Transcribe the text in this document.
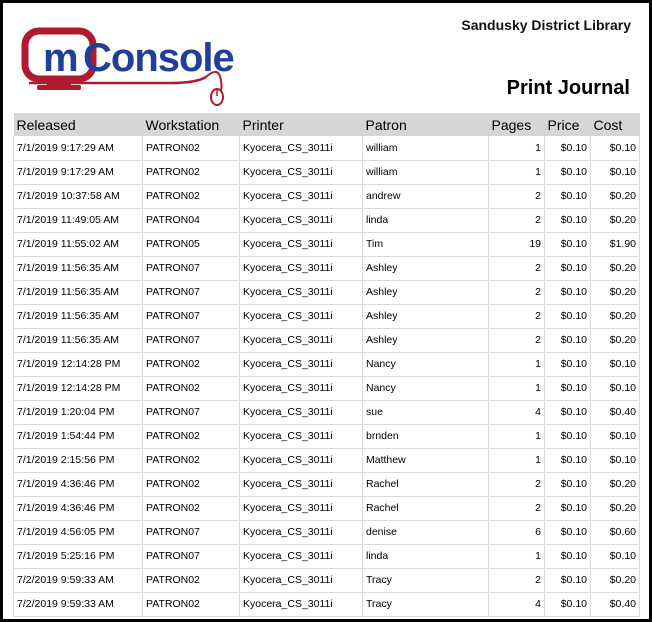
m Console
Sandusky District Library
Print Journal
Released	Workstation	Printer	Patron	Pages	Price	Cost
7/1/2019 9:17:29 AM	PATRON02	Kyocera_CS_3011i	william	1	$0.10	$0.10
7/1/2019 9:17:29 AM	PATRON02	Kyocera_CS_3011i	william	1	$0.10	$0.10
7/1/2019 10:37:58 AM	PATRON02	Kyocera_CS_3011i	andrew	2	$0.10	$0.20
7/1/2019 11:49:05 AM	PATRON04	Kyocera_CS_3011i	linda	2	$0.10	$0.20
7/1/2019 11:55:02 AM	PATRON05	Kyocera_CS_3011i	Tim	19	$0.10	$1.90
7/1/2019 11:56:35 AM	PATRON07	Kyocera_CS_3011i	Ashley	2	$0.10	$0.20
7/1/2019 11:56:35 AM	PATRON07	Kyocera_CS_3011i	Ashley	2	$0.10	$0.20
7/1/2019 11:56:35 AM	PATRON07	Kyocera_CS_3011i	Ashley	2	$0.10	$0.20
7/1/2019 11:56:35 AM	PATRON07	Kyocera_CS_3011i	Ashley	2	$0.10	$0.20
7/1/2019 12:14:28 PM	PATRON02	Kyocera_CS_3011i	Nancy	1	$0.10	$0.10
7/1/2019 12:14:28 PM	PATRON02	Kyocera_CS_3011i	Nancy	1	$0.10	$0.10
7/1/2019 1:20:04 PM	PATRON07	Kyocera_CS_3011i	sue	4	$0.10	$0.40
7/1/2019 1:54:44 PM	PATRON02	Kyocera_CS_3011i	brnden	1	$0.10	$0.10
7/1/2019 2:15:56 PM	PATRON02	Kyocera_CS_3011i	Matthew	1	$0.10	$0.10
7/1/2019 4:36:46 PM	PATRON02	Kyocera_CS_3011i	Rachel	2	$0.10	$0.20
7/1/2019 4:36:46 PM	PATRON02	Kyocera_CS_3011i	Rachel	2	$0.10	$0.20
7/1/2019 4:56:05 PM	PATRON07	Kyocera_CS_3011i	denise	6	$0.10	$0.60
7/1/2019 5:25:16 PM	PATRON07	Kyocera_CS_3011i	linda	1	$0.10	$0.10
7/2/2019 9:59:33 AM	PATRON02	Kyocera_CS_3011i	Tracy	2	$0.10	$0.20
7/2/2019 9:59:33 AM	PATRON02	Kyocera_CS_3011i	Tracy	4	$0.10	$0.40
